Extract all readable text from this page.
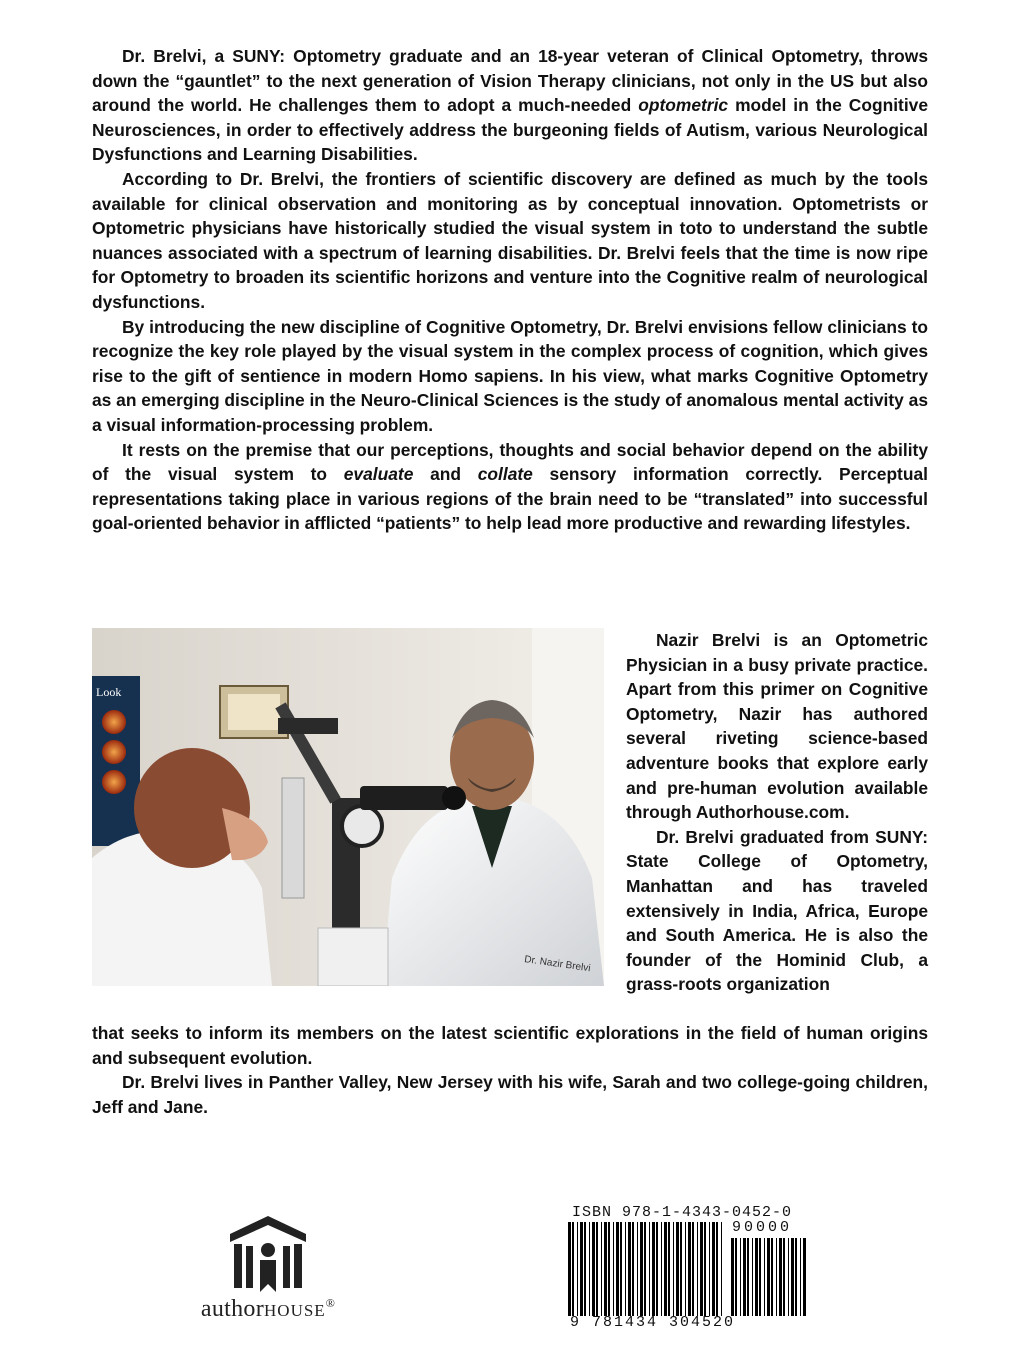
Dr. Brelvi, a SUNY: Optometry graduate and an 18-year veteran of Clinical Optometry, throws down the “gauntlet” to the next generation of Vision Therapy clinicians, not only in the US but also around the world. He challenges them to adopt a much-needed optometric model in the Cognitive Neurosciences, in order to effectively address the burgeoning fields of Autism, various Neurological Dysfunctions and Learning Disabilities.

According to Dr. Brelvi, the frontiers of scientific discovery are defined as much by the tools available for clinical observation and monitoring as by conceptual innovation. Optometrists or Optometric physicians have historically studied the visual system in toto to understand the subtle nuances associated with a spectrum of learning disabilities. Dr. Brelvi feels that the time is now ripe for Optometry to broaden its scientific horizons and venture into the Cognitive realm of neurological dysfunctions.

By introducing the new discipline of Cognitive Optometry, Dr. Brelvi envisions fellow clinicians to recognize the key role played by the visual system in the complex process of cognition, which gives rise to the gift of sentience in modern Homo sapiens. In his view, what marks Cognitive Optometry as an emerging discipline in the Neuro-Clinical Sciences is the study of anomalous mental activity as a visual information-processing problem.

It rests on the premise that our perceptions, thoughts and social behavior depend on the ability of the visual system to evaluate and collate sensory information correctly. Perceptual representations taking place in various regions of the brain need to be “translated” into successful goal-oriented behavior in afflicted “patients” to help lead more productive and rewarding lifestyles.

Look
Dr. Nazir Brelvi

Nazir Brelvi is an Optometric Physician in a busy private practice. Apart from this primer on Cognitive Optometry, Nazir has authored several riveting science-based adventure books that explore early and pre-human evolution available through Authorhouse.com.

Dr. Brelvi graduated from SUNY: State College of Optometry, Manhattan and has traveled extensively in India, Africa, Europe and South America. He is also the founder of the Hominid Club, a grass-roots organization

that seeks to inform its members on the latest scientific explorations in the field of human origins and subsequent evolution.

Dr. Brelvi lives in Panther Valley, New Jersey with his wife, Sarah and two college-going children, Jeff and Jane.

authorHOUSE®
ISBN 978-1-4343-0452-0
90000
9 781434 304520
